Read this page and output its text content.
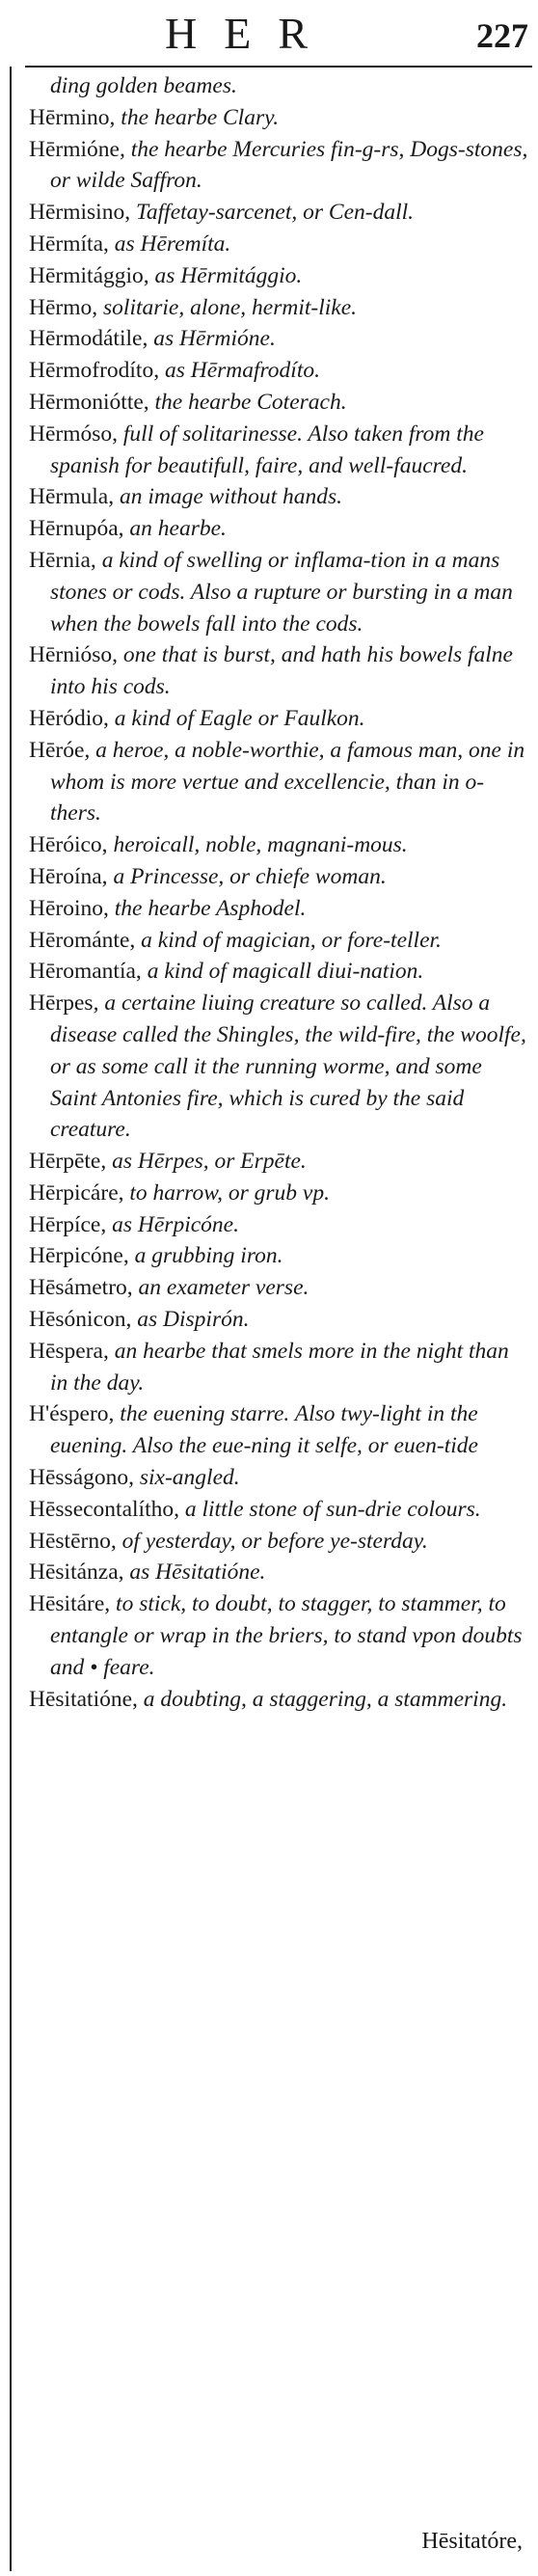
HER	227
ding golden beames.
Hērmino, the hearbe Clary.
Hērmióne, the hearbe Mercuries fin-g-rs, Dogs-stones, or wilde Saffron.
Hērmisino, Taffetay-sarcenet, or Cen-dall.
Hērmíta, as Hēremíta.
Hērmitággio, as Hērmitággio.
Hērmo, solitarie, alone, hermit-like.
Hērmodátile, as Hērmióne.
Hērmofrodíto, as Hērmafrodíto.
Hērmoniótte, the hearbe Coterach.
Hērmóso, full of solitarinesse. Also taken from the spanish for beautifull, faire, and well-faucred.
Hērmula, an image without hands.
Hērnupóa, an hearbe.
Hērnia, a kind of swelling or inflama-tion in a mans stones or cods. Also a rupture or bursting in a man when the bowels fall into the cods.
Hērnióso, one that is burst, and hath his bowels falne into his cods.
Hēródio, a kind of Eagle or Faulkon.
Hēróe, a heroe, a noble-worthie, a famous man, one in whom is more vertue and excellencie, than in o-thers.
Hēróico, heroicall, noble, magnani-mous.
Hēroína, a Princesse, or chiefe woman.
Hēroino, the hearbe Asphodel.
Hērománte, a kind of magician, or fore-teller.
Hēromantía, a kind of magicall diui-nation.
Hērpes, a certaine liuing creature so called. Also a disease called the Shingles, the wild-fire, the woolfe, or as some call it the running worme, and some Saint Antonies fire, which is cured by the said creature.
Hērpēte, as Hērpes, or Erpēte.
Hērpicáre, to harrow, or grub vp.
Hērpíce, as Hērpicóne.
Hērpicóne, a grubbing iron.
Hēsámetro, an exameter verse.
Hēsónicon, as Dispirón.
Hēspera, an hearbe that smels more in the night than in the day.
H'éspero, the euening starre. Also twy-light in the euening. Also the eue-ning it selfe, or euen-tide
Hēsságono, six-angled.
Hēssecontalítho, a little stone of sun-drie colours.
Hēstērno, of yesterday, or before ye-sterday.
Hēsitánza, as Hēsitatióne.
Hēsitáre, to stick, to doubt, to stagger, to stammer, to entangle or wrap in the briers, to stand vpon doubts and • feare.
Hēsitatióne, a doubting, a staggering, a stammering.
Hēsitatóre,
